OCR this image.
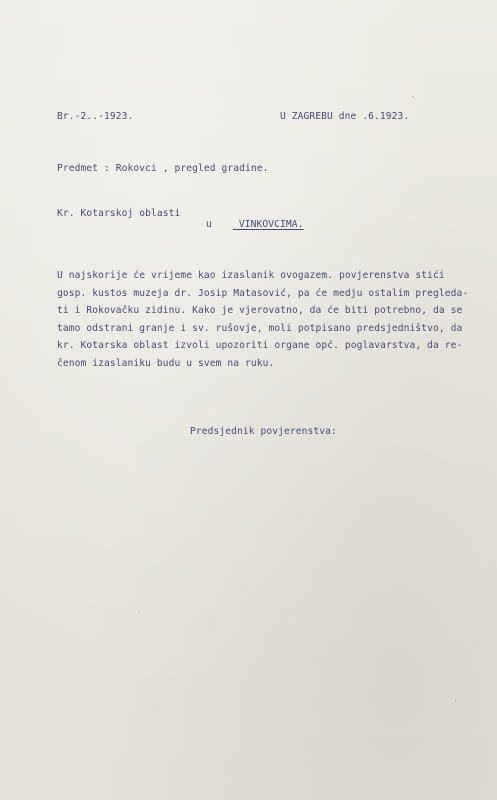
Br.-2..-1923.	U ZAGREBU dne .6.1923.
Predmet : Rokovci , pregled gradine.
Kr. Kotarskoj oblasti
u _VINKOVCIMA.
U najskorije će vrijeme kao izaslanik ovogazem. povjerenstva stići
gosp. kustos muzeja dr. Josip Matasović, pa će medju ostalim pregleda-
ti i Rokovačku zidinu. Kako je vjerovatno, da će biti potrebno, da se
tamo odstrani granje i sv. rušovje, moli potpisano predsjedništvo, da
kr. Kotarska oblast izvoli upozoriti organe opć. poglavarstva, da re-
čenom izaslaniku budu u svem na ruku.
Predsjednik povjerenstva:
